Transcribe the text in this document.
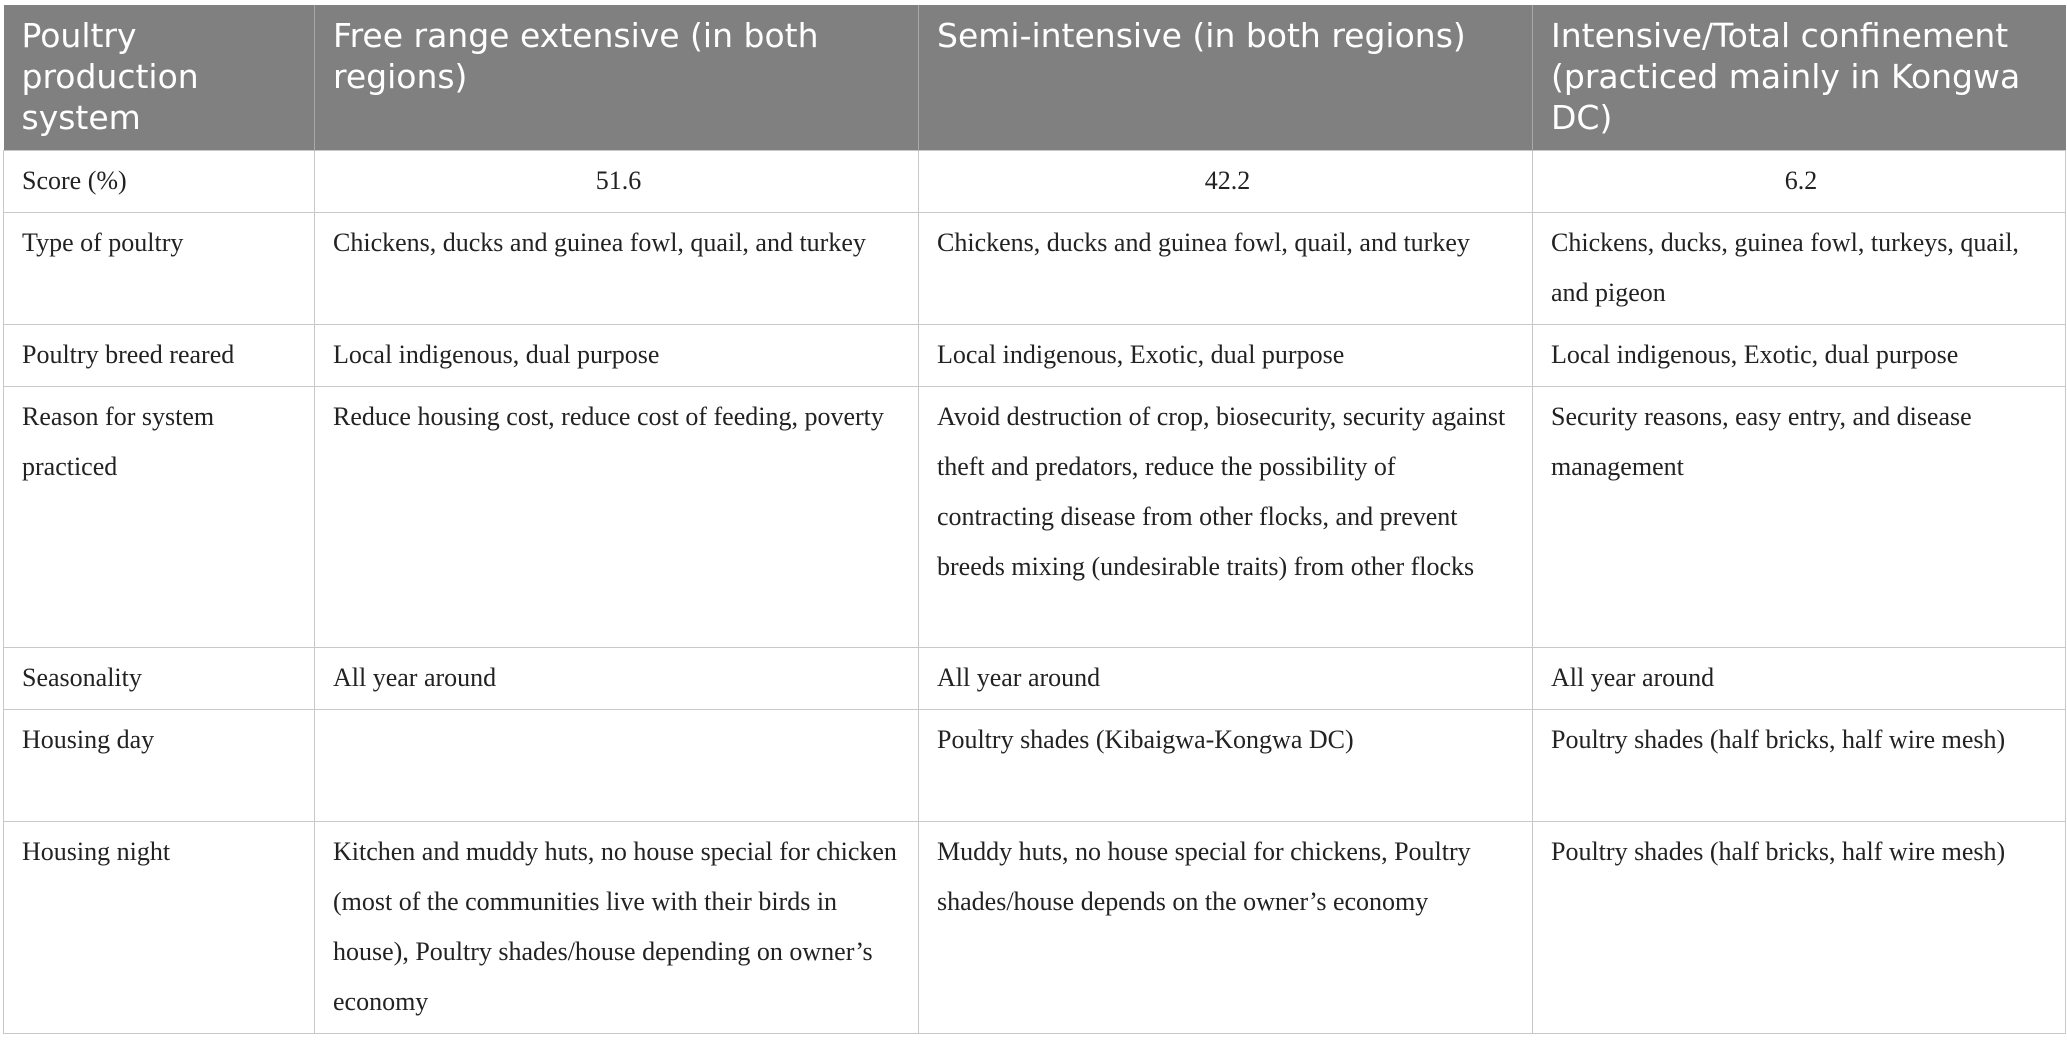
Poultry production system	Free range extensive (in both regions)	Semi-intensive (in both regions)	Intensive/Total confinement (practiced mainly in Kongwa DC)
Score (%)	51.6	42.2	6.2
Type of poultry	Chickens, ducks and guinea fowl, quail, and turkey	Chickens, ducks and guinea fowl, quail, and turkey	Chickens, ducks, guinea fowl, turkeys, quail, and pigeon
Poultry breed reared	Local indigenous, dual purpose	Local indigenous, Exotic, dual purpose	Local indigenous, Exotic, dual purpose
Reason for system practiced	Reduce housing cost, reduce cost of feeding, poverty	Avoid destruction of crop, biosecurity, security against theft and predators, reduce the possibility of contracting disease from other flocks, and prevent breeds mixing (undesirable traits) from other flocks	Security reasons, easy entry, and disease management
Seasonality	All year around	All year around	All year around
Housing day		Poultry shades (Kibaigwa-Kongwa DC)	Poultry shades (half bricks, half wire mesh)
Housing night	Kitchen and muddy huts, no house special for chicken (most of the communities live with their birds in house), Poultry shades/house depending on owner’s economy	Muddy huts, no house special for chickens, Poultry shades/house depends on the owner’s economy	Poultry shades (half bricks, half wire mesh)
